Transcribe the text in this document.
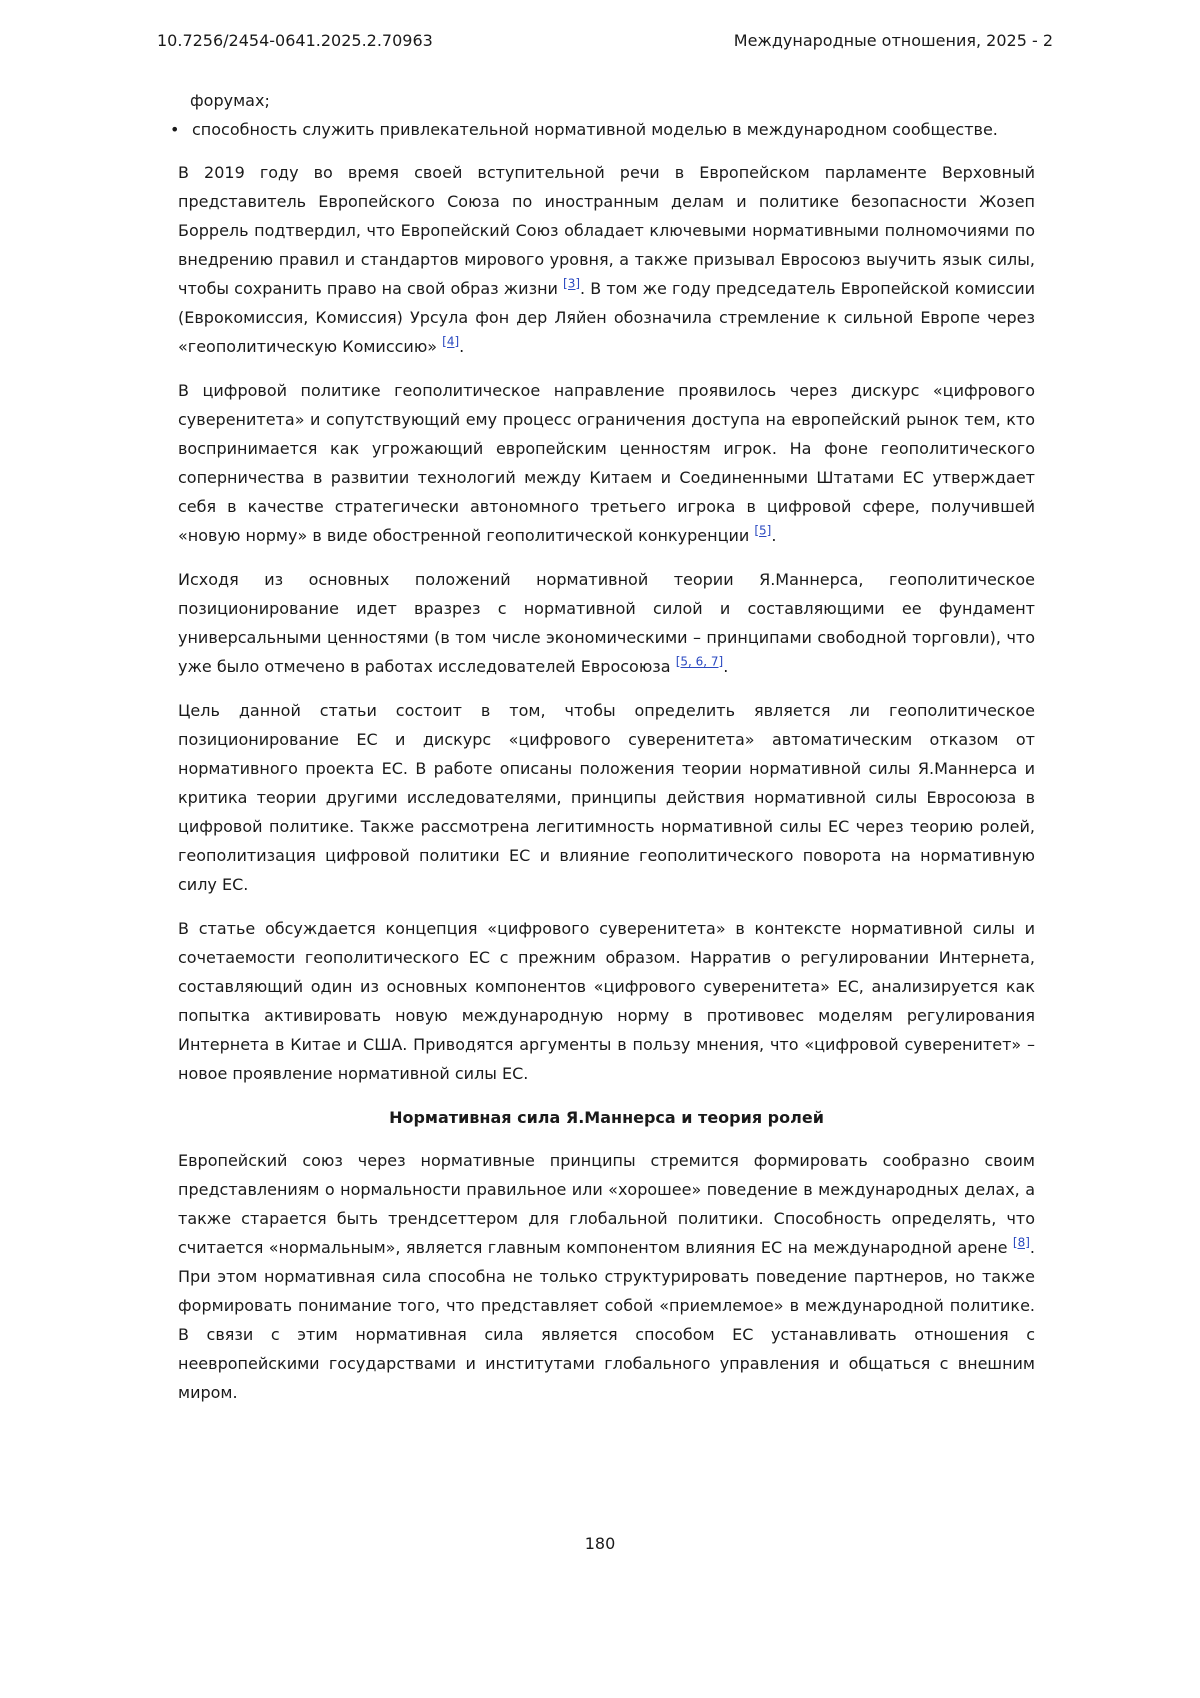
10.7256/2454-0641.2025.2.70963	Международные отношения, 2025 - 2
форумах;
• способность служить привлекательной нормативной моделью в международном сообществе.

В 2019 году во время своей вступительной речи в Европейском парламенте Верховный представитель Европейского Союза по иностранным делам и политике безопасности Жозеп Боррель подтвердил, что Европейский Союз обладает ключевыми нормативными полномочиями по внедрению правил и стандартов мирового уровня, а также призывал Евросоюз выучить язык силы, чтобы сохранить право на свой образ жизни [3]. В том же году председатель Европейской комиссии (Еврокомиссия, Комиссия) Урсула фон дер Ляйен обозначила стремление к сильной Европе через «геополитическую Комиссию» [4].

В цифровой политике геополитическое направление проявилось через дискурс «цифрового суверенитета» и сопутствующий ему процесс ограничения доступа на европейский рынок тем, кто воспринимается как угрожающий европейским ценностям игрок. На фоне геополитического соперничества в развитии технологий между Китаем и Соединенными Штатами ЕС утверждает себя в качестве стратегически автономного третьего игрока в цифровой сфере, получившей «новую норму» в виде обостренной геополитической конкуренции [5].

Исходя из основных положений нормативной теории Я.Маннерса, геополитическое позиционирование идет вразрез с нормативной силой и составляющими ее фундамент универсальными ценностями (в том числе экономическими – принципами свободной торговли), что уже было отмечено в работах исследователей Евросоюза [5, 6, 7].

Цель данной статьи состоит в том, чтобы определить является ли геополитическое позиционирование ЕС и дискурс «цифрового суверенитета» автоматическим отказом от нормативного проекта ЕС. В работе описаны положения теории нормативной силы Я.Маннерса и критика теории другими исследователями, принципы действия нормативной силы Евросоюза в цифровой политике. Также рассмотрена легитимность нормативной силы ЕС через теорию ролей, геополитизация цифровой политики ЕС и влияние геополитического поворота на нормативную силу ЕС.

В статье обсуждается концепция «цифрового суверенитета» в контексте нормативной силы и сочетаемости геополитического ЕС с прежним образом. Нарратив о регулировании Интернета, составляющий один из основных компонентов «цифрового суверенитета» ЕС, анализируется как попытка активировать новую международную норму в противовес моделям регулирования Интернета в Китае и США. Приводятся аргументы в пользу мнения, что «цифровой суверенитет» – новое проявление нормативной силы ЕС.

Нормативная сила Я.Маннерса и теория ролей

Европейский союз через нормативные принципы стремится формировать сообразно своим представлениям о нормальности правильное или «хорошее» поведение в международных делах, а также старается быть трендсеттером для глобальной политики. Способность определять, что считается «нормальным», является главным компонентом влияния ЕС на международной арене [8]. При этом нормативная сила способна не только структурировать поведение партнеров, но также формировать понимание того, что представляет собой «приемлемое» в международной политике. В связи с этим нормативная сила является способом ЕС устанавливать отношения с неевропейскими государствами и институтами глобального управления и общаться с внешним миром.

180
